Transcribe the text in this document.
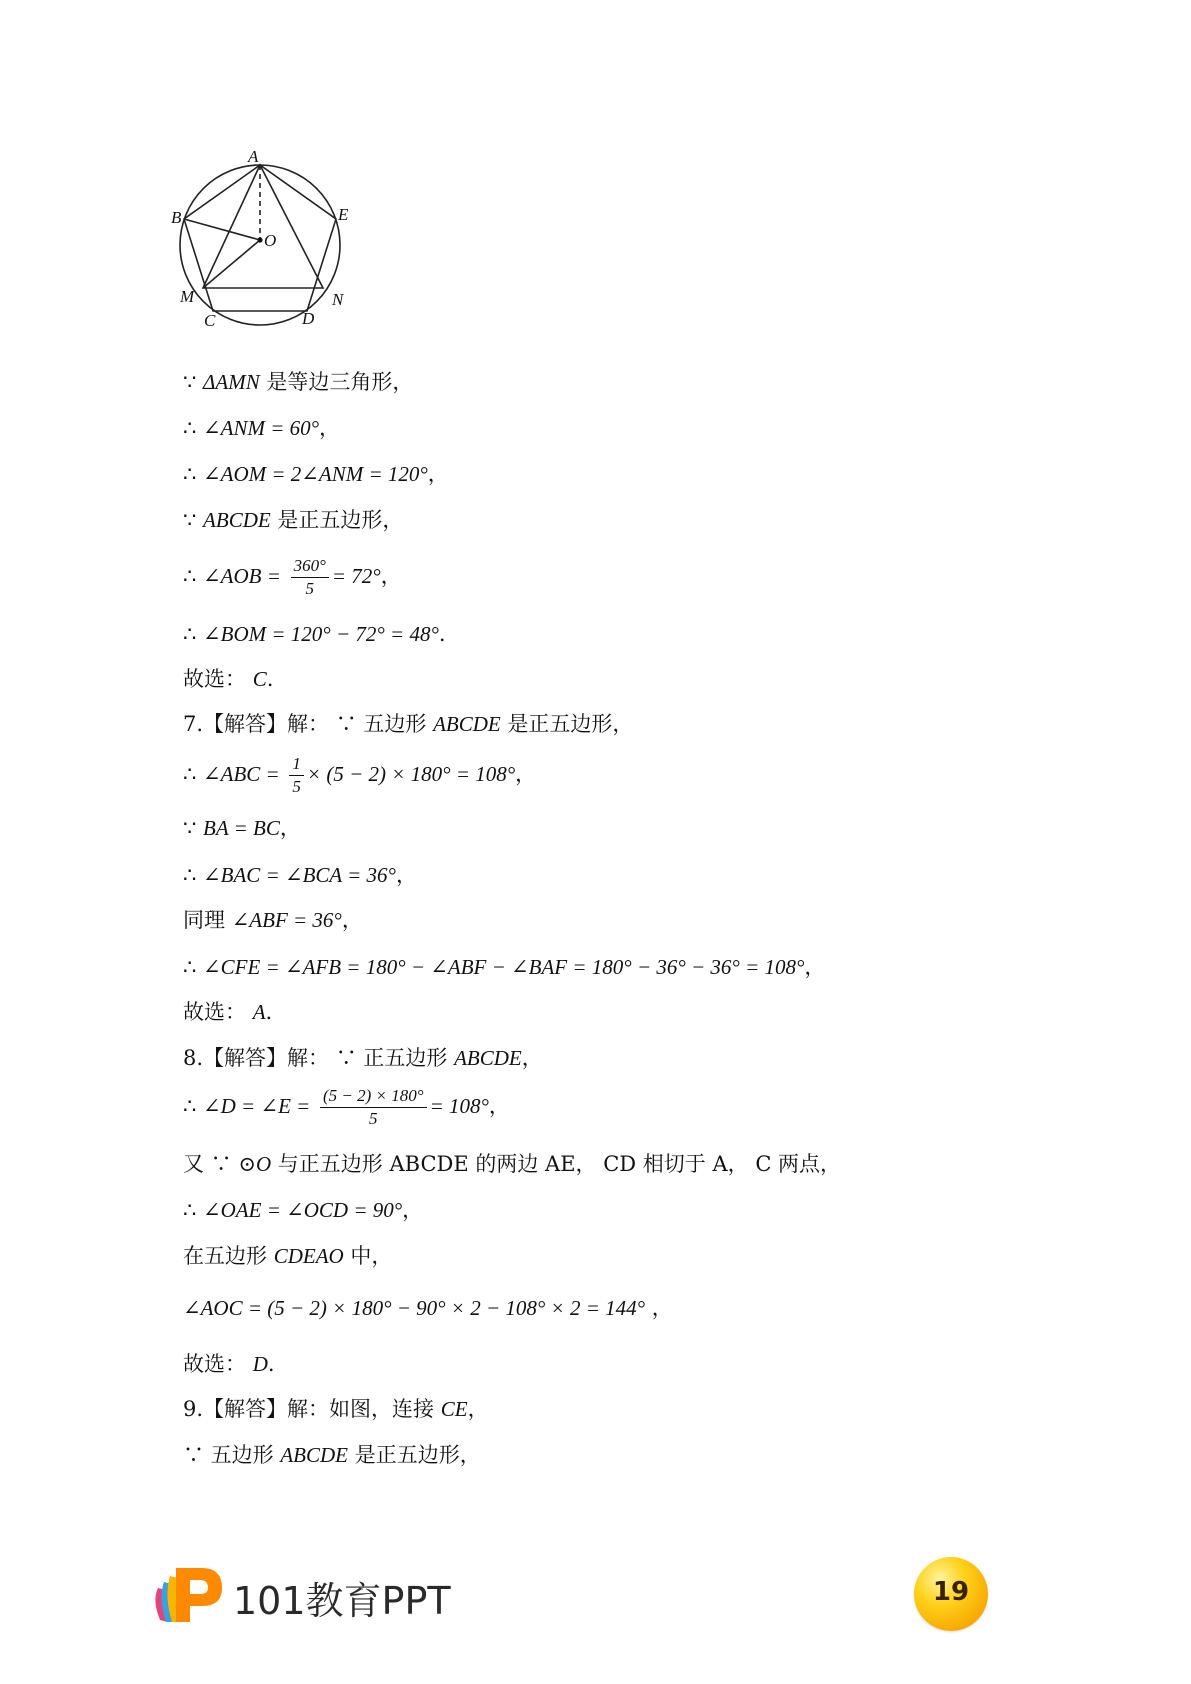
A
B	E
O
M	N
C	D
∵ ΔAMN 是等边三角形，
∴ ∠ANM = 60°，
∴ ∠AOM = 2∠ANM = 120°，
∵ ABCDE 是正五边形，
∴ ∠AOB = $\frac{360^\circ}{5} = 72^\circ$，
∴ ∠BOM = 120° − 72° = 48°.
故选： C.
7.【解答】解： ∵ 五边形 ABCDE 是正五边形，
∴ ∠ABC = $\frac{1}{5} \times (5 - 2) \times 180^\circ = 108^\circ$，
∵ BA = BC，
∴ ∠BAC = ∠BCA = 36°，
同理 ∠ABF = 36°，
∴ ∠CFE = ∠AFB = 180° − ∠ABF − ∠BAF = 180° − 36° − 36° = 108°，
故选： A.
8.【解答】解： ∵ 正五边形 ABCDE，
∴ ∠D = ∠E = $\frac{(5 - 2) \times 180^\circ}{5} = 108^\circ$，
又 ∵ ⊙O 与正五边形 ABCDE 的两边 AE， CD 相切于 A， C 两点，
∴ ∠OAE = ∠OCD = 90°，
在五边形 CDEAO 中，
∠AOC = (5 − 2) × 180° − 90° × 2 − 108° × 2 = 144° ，
故选： D.
9.【解答】解：如图，连接 CE，
∵ 五边形 ABCDE 是正五边形，
101教育PPT	19
